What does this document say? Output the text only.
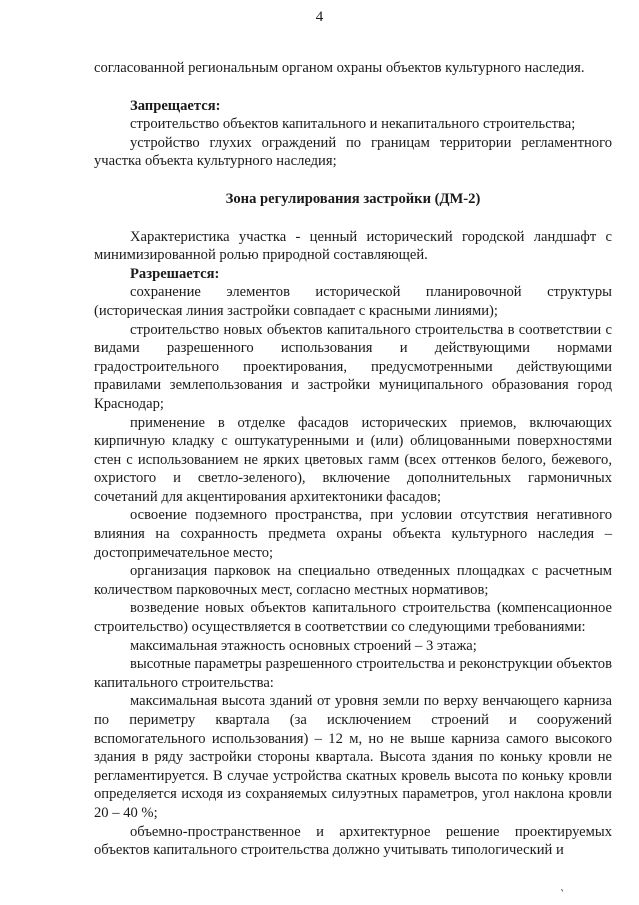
4

согласованной региональным органом охраны объектов культурного наследия.

Запрещается:

строительство объектов капитального и некапитального строительства;

устройство глухих ограждений по границам территории регламентного участка объекта культурного наследия;

Зона регулирования застройки (ДМ-2)

Характеристика участка - ценный исторический городской ландшафт с минимизированной ролью природной составляющей.

Разрешается:

сохранение элементов исторической планировочной структуры (историческая линия застройки совпадает с красными линиями);

строительство новых объектов капитального строительства в соответствии с видами разрешенного использования и действующими нормами градостроительного проектирования, предусмотренными действующими правилами землепользования и застройки муниципального образования город Краснодар;

применение в отделке фасадов исторических приемов, включающих кирпичную кладку с оштукатуренными и (или) облицованными поверхностями стен с использованием не ярких цветовых гамм (всех оттенков белого, бежевого, охристого и светло-зеленого), включение дополнительных гармоничных сочетаний для акцентирования архитектоники фасадов;

освоение подземного пространства, при условии отсутствия негативного влияния на сохранность предмета охраны объекта культурного наследия – достопримечательное место;

организация парковок на специально отведенных площадках с расчетным количеством парковочных мест, согласно местных нормативов;

возведение новых объектов капитального строительства (компенсационное строительство) осуществляется в соответствии со следующими требованиями:

максимальная этажность основных строений – 3 этажа;

высотные параметры разрешенного строительства и реконструкции объектов капитального строительства:

максимальная высота зданий от уровня земли по верху венчающего карниза по периметру квартала (за исключением строений и сооружений вспомогательного использования) – 12 м, но не выше карниза самого высокого здания в ряду застройки стороны квартала. Высота здания по коньку кровли не регламентируется. В случае устройства скатных кровель высота по коньку кровли определяется исходя из сохраняемых силуэтных параметров, угол наклона кровли 20 – 40 %;

объемно-пространственное и архитектурное решение проектируемых объектов капитального строительства должно учитывать типологический и

ˎ
